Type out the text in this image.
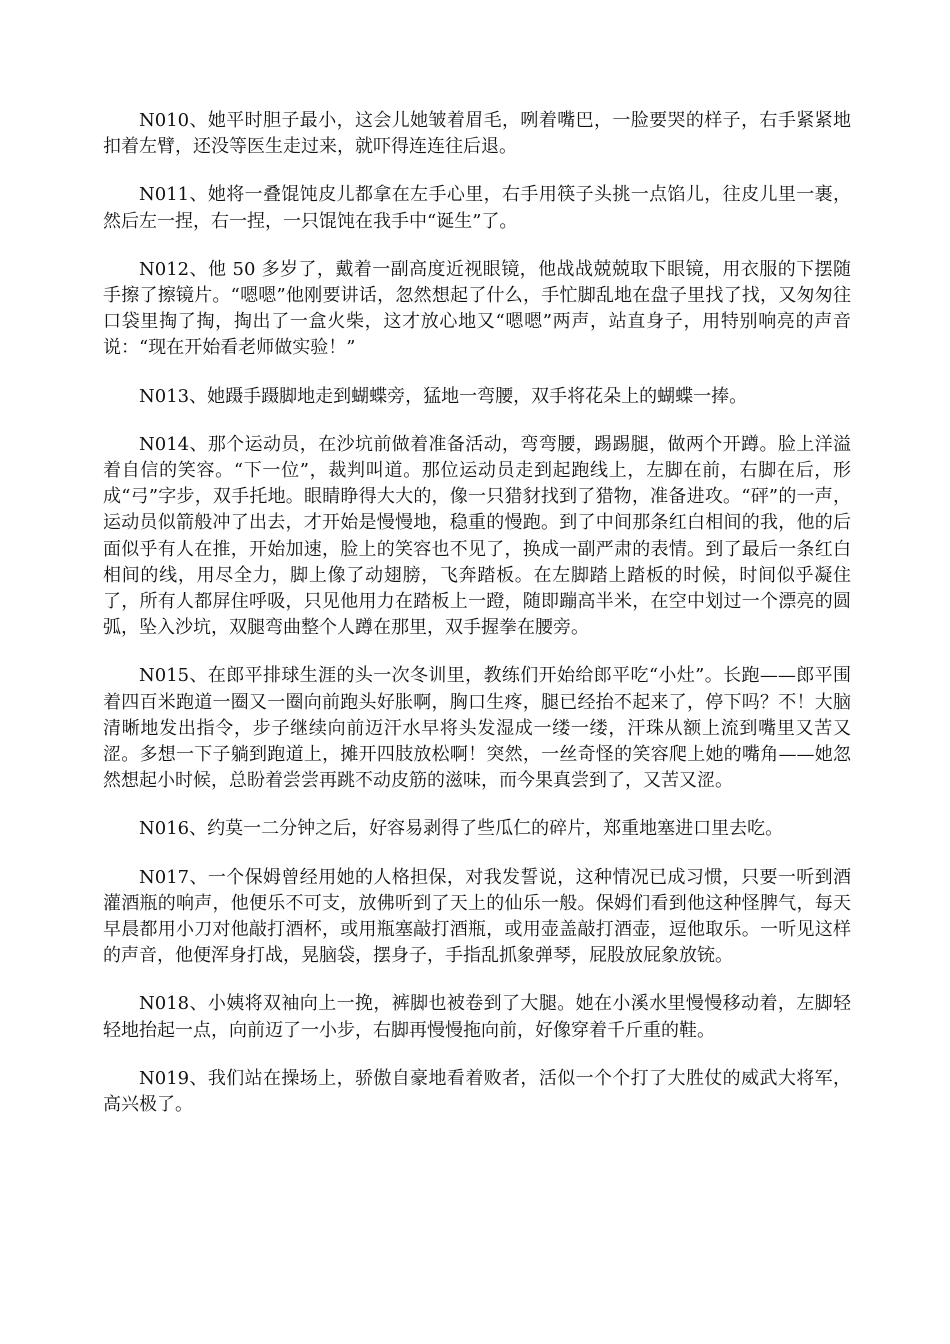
N010、她平时胆子最小，这会儿她皱着眉毛，咧着嘴巴，一脸要哭的样子，右手紧紧地扣着左臂，还没等医生走过来，就吓得连连往后退。

N011、她将一叠馄饨皮儿都拿在左手心里，右手用筷子头挑一点馅儿，往皮儿里一裹，然后左一捏，右一捏，一只馄饨在我手中“诞生”了。

N012、他 50 多岁了，戴着一副高度近视眼镜，他战战兢兢取下眼镜，用衣服的下摆随手擦了擦镜片。“嗯嗯”他刚要讲话，忽然想起了什么，手忙脚乱地在盘子里找了找，又匆匆往口袋里掏了掏，掏出了一盒火柴，这才放心地又“嗯嗯”两声，站直身子，用特别响亮的声音说：“现在开始看老师做实验！”

N013、她蹑手蹑脚地走到蝴蝶旁，猛地一弯腰，双手将花朵上的蝴蝶一捧。

N014、那个运动员，在沙坑前做着准备活动，弯弯腰，踢踢腿，做两个开蹲。脸上洋溢着自信的笑容。“下一位”，裁判叫道。那位运动员走到起跑线上，左脚在前，右脚在后，形成“弓”字步，双手托地。眼睛睁得大大的，像一只猎豺找到了猎物，准备进攻。“砰”的一声，运动员似箭般冲了出去，才开始是慢慢地，稳重的慢跑。到了中间那条红白相间的我，他的后面似乎有人在推，开始加速，脸上的笑容也不见了，换成一副严肃的表情。到了最后一条红白相间的线，用尽全力，脚上像了动翅膀，飞奔踏板。在左脚踏上踏板的时候，时间似乎凝住了，所有人都屏住呼吸，只见他用力在踏板上一蹬，随即蹦高半米，在空中划过一个漂亮的圆弧，坠入沙坑，双腿弯曲整个人蹲在那里，双手握拳在腰旁。

N015、在郎平排球生涯的头一次冬训里，教练们开始给郎平吃“小灶”。长跑——郎平围着四百米跑道一圈又一圈向前跑头好胀啊，胸口生疼，腿已经抬不起来了，停下吗？不！大脑清晰地发出指令，步子继续向前迈汗水早将头发湿成一缕一缕，汗珠从额上流到嘴里又苦又涩。多想一下子躺到跑道上，摊开四肢放松啊！突然，一丝奇怪的笑容爬上她的嘴角——她忽然想起小时候，总盼着尝尝再跳不动皮筋的滋味，而今果真尝到了，又苦又涩。

N016、约莫一二分钟之后，好容易剥得了些瓜仁的碎片，郑重地塞进口里去吃。

N017、一个保姆曾经用她的人格担保，对我发誓说，这种情况已成习惯，只要一听到酒灌酒瓶的响声，他便乐不可支，放佛听到了天上的仙乐一般。保姆们看到他这种怪脾气，每天早晨都用小刀对他敲打酒杯，或用瓶塞敲打酒瓶，或用壶盖敲打酒壶，逗他取乐。一听见这样的声音，他便浑身打战，晃脑袋，摆身子，手指乱抓象弹琴，屁股放屁象放铳。

N018、小姨将双袖向上一挽，裤脚也被卷到了大腿。她在小溪水里慢慢移动着，左脚轻轻地抬起一点，向前迈了一小步，右脚再慢慢拖向前，好像穿着千斤重的鞋。

N019、我们站在操场上，骄傲自豪地看着败者，活似一个个打了大胜仗的威武大将军，高兴极了。
